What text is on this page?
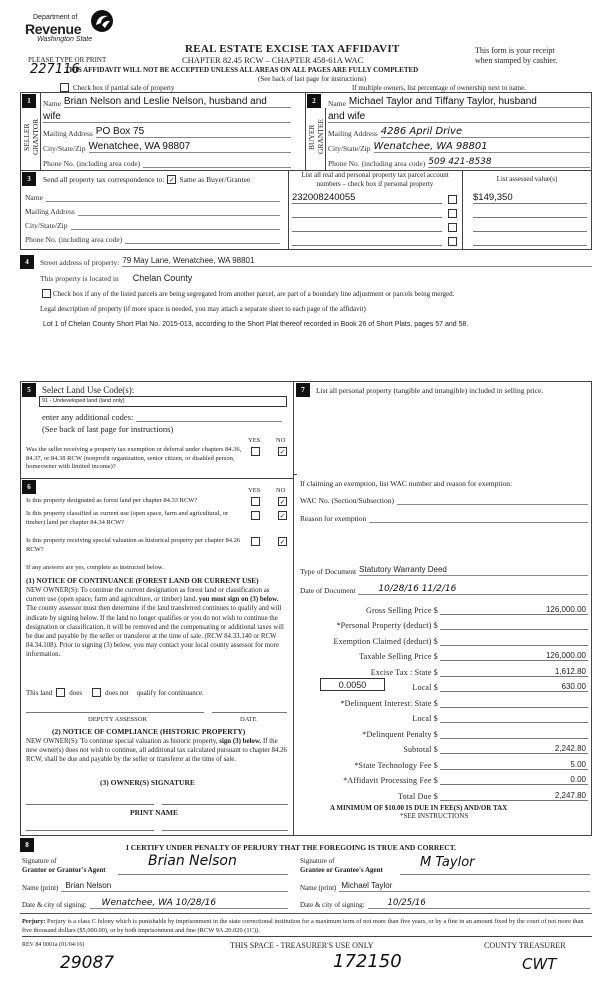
Department of
Revenue
Washington State
REAL ESTATE EXCISE TAX AFFIDAVIT
CHAPTER 82.45 RCW – CHAPTER 458-61A WAC
This form is your receipt
when stamped by cashier.
PLEASE TYPE OR PRINT
227116
THIS AFFIDAVIT WILL NOT BE ACCEPTED UNLESS ALL AREAS ON ALL PAGES ARE FULLY COMPLETED
(See back of last page for instructions)
Check box if partial sale of property	If multiple owners, list percentage of ownership next to name.
1
SELLER GRANTOR
Name Brian Nelson and Leslie Nelson, husband and
wife
Mailing Address PO Box 75
City/State/Zip Wenatchee, WA 98807
Phone No. (including area code)
2
BUYER GRANTEE
Name Michael Taylor and Tiffany Taylor, husband
and wife
Mailing Address 4286 April Drive
City/State/Zip Wenatchee, WA 98801
Phone No. (including area code) 509 421-8538
3	Send all property tax correspondence to: ✓ Same as Buyer/Grantee
Name
Mailing Address
City/State/Zip
Phone No. (including area code)
List all real and personal property tax parcel account numbers – check box if personal property
List assessed value(s)
232008240055	$149,350
4	Street address of property: 79 May Lane, Wenatchee, WA 98801
This property is located in Chelan County
Check box if any of the listed parcels are being segregated from another parcel, are part of a boundary line adjustment or parcels being merged.
Legal description of property (if more space is needed, you may attach a separate sheet to each page of the affidavit)
Lot 1 of Chelan County Short Plat No. 2015-013, according to the Short Plat thereof recorded in Book 26 of Short Plats, pages 57 and 58.
5	Select Land Use Code(s):
91 - Undeveloped land (land only)
enter any additional codes:
(See back of last page for instructions)
YES NO
Was the seller receiving a property tax exemption or deferral under chapters 84.36, 84.37, or 84.38 RCW (nonprofit organization, senior citizen, or disabled person, homeowner with limited income)?
✓
6	YES NO
Is this property designated as forest land per chapter 84.33 RCW?	✓
Is this property classified as current use (open space, farm and agricultural, or timber) land per chapter 84.34 RCW?
✓
Is this property receiving special valuation as historical property per chapter 84.26 RCW?
✓
If any answers are yes, complete as instructed below.
(1) NOTICE OF CONTINUANCE (FOREST LAND OR CURRENT USE)
NEW OWNER(S): To continue the current designation as forest land or classification as current use (open space, farm and agriculture, or timber) land, you must sign on (3) below. The county assessor must then determine if the land transferred continues to qualify and will indicate by signing below. If the land no longer qualifies or you do not wish to continue the designation or classification, it will be removed and the compensating or additional taxes will be due and payable by the seller or transferor at the time of sale. (RCW 84.33.140 or RCW 84.34.108). Prior to signing (3) below, you may contact your local county assessor for more information.
This land does	does not qualify for continuance.
DEPUTY ASSESSOR	DATE
(2) NOTICE OF COMPLIANCE (HISTORIC PROPERTY)
NEW OWNER(S): To continue special valuation as historic property, sign (3) below. If the new owner(s) does not wish to continue, all additional tax calculated pursuant to chapter 84.26 RCW, shall be due and payable by the seller or transferor at the time of sale.
(3) OWNER(S) SIGNATURE
PRINT NAME
7	List all personal property (tangible and intangible) included in selling price.
If claiming an exemption, list WAC number and reason for exemption:
WAC No. (Section/Subsection)
Reason for exemption
Type of Document Statutory Warranty Deed
Date of Document	10/28/16 11/2/16
Gross Selling Price $	126,000.00
*Personal Property (deduct) $
Exemption Claimed (deduct) $
Taxable Selling Price $	126,000.00
Excise Tax : State $	1,612.80
0.0050	Local $	630.00
*Delinquent Interest: State $
Local $
*Delinquent Penalty $
Subtotal $	2,242.80
*State Technology Fee $	5.00
*Affidavit Processing Fee $	0.00
Total Due $	2,247.80
A MINIMUM OF $10.00 IS DUE IN FEE(S) AND/OR TAX
*SEE INSTRUCTIONS
8	I CERTIFY UNDER PENALTY OF PERJURY THAT THE FOREGOING IS TRUE AND CORRECT.
Signature of
Grantor or Grantor's Agent
Brian Nelson
Name (print) Brian Nelson
Date & city of signing:	Wenatchee, WA 10/28/16
Signature of
Grantee or Grantee's Agent	M Taylor
Name (print) Michael Taylor
Date & city of signing:	10/25/16
Perjury: Perjury is a class C felony which is punishable by imprisonment in the state correctional institution for a maximum term of not more than five years, or by a fine in an amount fixed by the court of not more than five thousand dollars ($5,000.00), or by both imprisonment and fine (RCW 9A.20.020 (1C)).
REV 84 0001a (01/04/16)	THIS SPACE - TREASURER'S USE ONLY	COUNTY TREASURER
29087	172150	CWT
